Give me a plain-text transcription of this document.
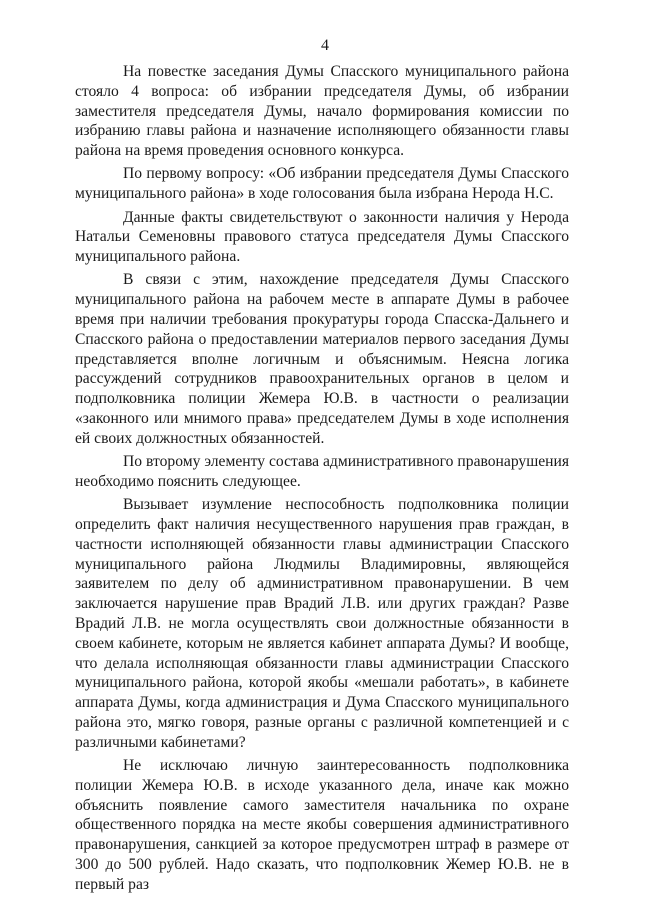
4

На повестке заседания Думы Спасского муниципального района стояло 4 вопроса: об избрании председателя Думы, об избрании заместителя председателя Думы, начало формирования комиссии по избранию главы района и назначение исполняющего обязанности главы района на время проведения основного конкурса.

По первому вопросу: «Об избрании председателя Думы Спасского муниципального района» в ходе голосования была избрана Нерода Н.С.

Данные факты свидетельствуют о законности наличия у Нерода Натальи Семеновны правового статуса председателя Думы Спасского муниципального района.

В связи с этим, нахождение председателя Думы Спасского муниципального района на рабочем месте в аппарате Думы в рабочее время при наличии требования прокуратуры города Спасска-Дальнего и Спасского района о предоставлении материалов первого заседания Думы представляется вполне логичным и объяснимым. Неясна логика рассуждений сотрудников правоохранительных органов в целом и подполковника полиции Жемера Ю.В. в частности о реализации «законного или мнимого права» председателем Думы в ходе исполнения ей своих должностных обязанностей.

По второму элементу состава административного правонарушения необходимо пояснить следующее.

Вызывает изумление неспособность подполковника полиции определить факт наличия несущественного нарушения прав граждан, в частности исполняющей обязанности главы администрации Спасского муниципального района Людмилы Владимировны, являющейся заявителем по делу об административном правонарушении. В чем заключается нарушение прав Врадий Л.В. или других граждан? Разве Врадий Л.В. не могла осуществлять свои должностные обязанности в своем кабинете, которым не является кабинет аппарата Думы? И вообще, что делала исполняющая обязанности главы администрации Спасского муниципального района, которой якобы «мешали работать», в кабинете аппарата Думы, когда администрация и Дума Спасского муниципального района это, мягко говоря, разные органы с различной компетенцией и с различными кабинетами?

Не исключаю личную заинтересованность подполковника полиции Жемера Ю.В. в исходе указанного дела, иначе как можно объяснить появление самого заместителя начальника по охране общественного порядка на месте якобы совершения административного правонарушения, санкцией за которое предусмотрен штраф в размере от 300 до 500 рублей. Надо сказать, что подполковник Жемер Ю.В. не в первый раз
